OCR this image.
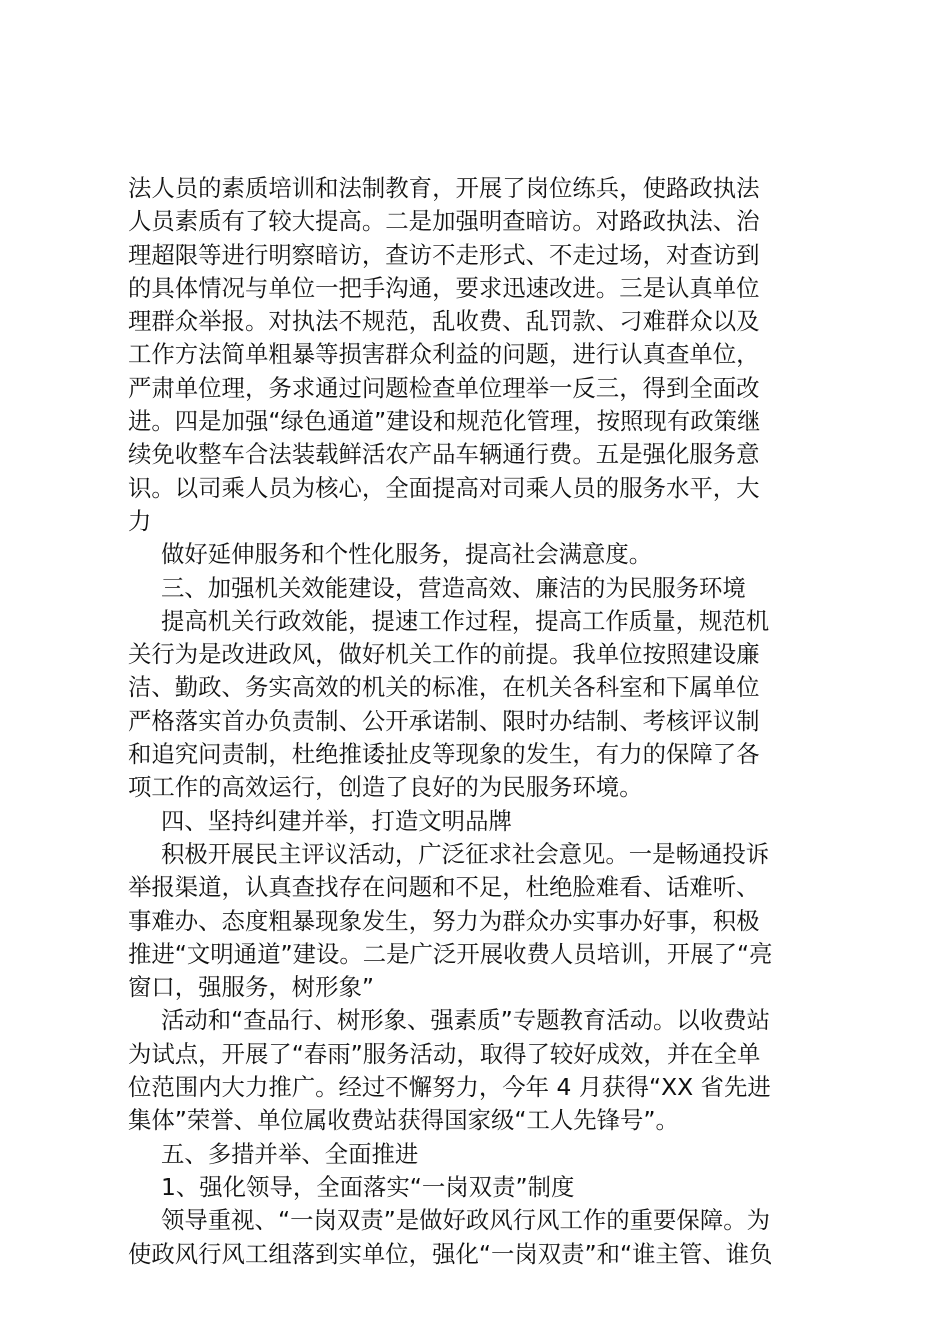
法人员的素质培训和法制教育，开展了岗位练兵，使路政执法
人员素质有了较大提高。二是加强明查暗访。对路政执法、治
理超限等进行明察暗访，查访不走形式、不走过场，对查访到
的具体情况与单位一把手沟通，要求迅速改进。三是认真单位
理群众举报。对执法不规范，乱收费、乱罚款、刁难群众以及
工作方法简单粗暴等损害群众利益的问题，进行认真查单位，
严肃单位理，务求通过问题检查单位理举一反三，得到全面改
进。四是加强“绿色通道”建设和规范化管理，按照现有政策继
续免收整车合法装载鲜活农产品车辆通行费。五是强化服务意
识。以司乘人员为核心，全面提高对司乘人员的服务水平，大
力
做好延伸服务和个性化服务，提高社会满意度。
三、加强机关效能建设，营造高效、廉洁的为民服务环境
提高机关行政效能，提速工作过程，提高工作质量，规范机
关行为是改进政风，做好机关工作的前提。我单位按照建设廉
洁、勤政、务实高效的机关的标准，在机关各科室和下属单位
严格落实首办负责制、公开承诺制、限时办结制、考核评议制
和追究问责制，杜绝推诿扯皮等现象的发生，有力的保障了各
项工作的高效运行，创造了良好的为民服务环境。
四、坚持纠建并举，打造文明品牌
积极开展民主评议活动，广泛征求社会意见。一是畅通投诉
举报渠道，认真查找存在问题和不足，杜绝脸难看、话难听、
事难办、态度粗暴现象发生，努力为群众办实事办好事，积极
推进“文明通道”建设。二是广泛开展收费人员培训，开展了“亮
窗口，强服务，树形象”
活动和“查品行、树形象、强素质”专题教育活动。以收费站
为试点，开展了“春雨”服务活动，取得了较好成效，并在全单
位范围内大力推广。经过不懈努力，今年 4 月获得“XX 省先进
集体”荣誉、单位属收费站获得国家级“工人先锋号”。
五、多措并举、全面推进
1、强化领导，全面落实“一岗双责”制度
领导重视、“一岗双责”是做好政风行风工作的重要保障。为
使政风行风工组落到实单位，强化“一岗双责”和“谁主管、谁负
